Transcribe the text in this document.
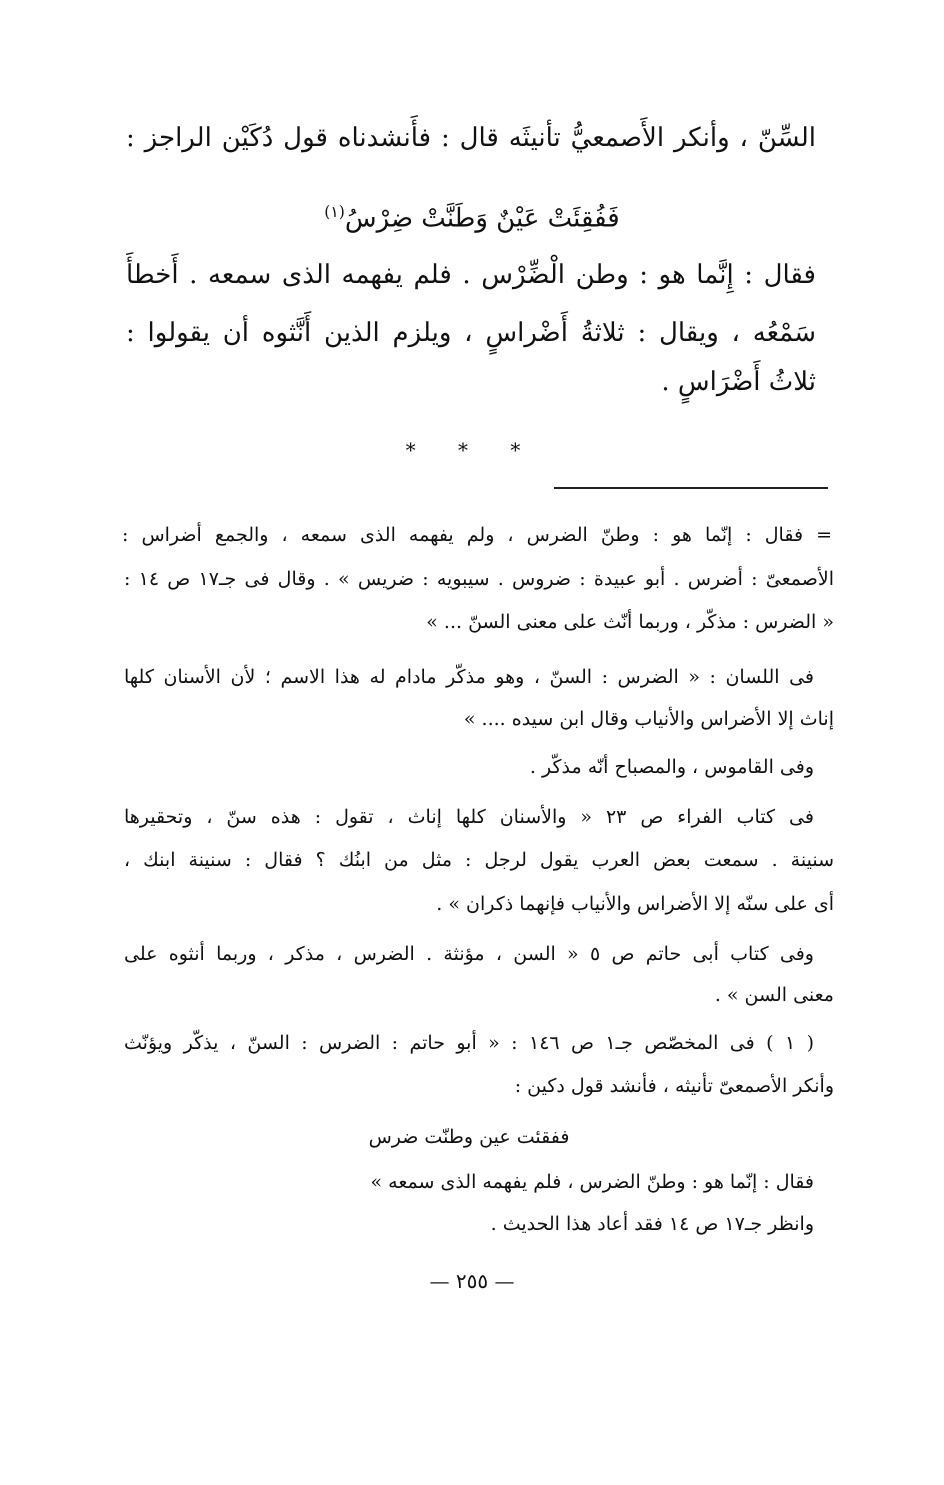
السِّنّ ، وأنكر الأَصمعيُّ تأنيثَه قال : فأَنشدناه قول دُكَيْن الراجز :
فَفُقِئَتْ عَيْنٌ وَطَنَّتْ ضِرْسُ$^{(١)}$
فقال : إِنَّما هو : وطن الْضِّرْس . فلم يفهمه الذى سمعه . أَخطأَ
سَمْعُه ، ويقال : ثلاثةُ أَضْراسٍ ، ويلزم الذين أَنَّثوه أن يقولوا :
ثلاثُ أَضْرَاسٍ .
* * *
= فقال : إنّما هو : وطنّ الضرس ، ولم يفهمه الذى سمعه ، والجمع أضراس :
الأصمعىّ : أضرس . أبو عبيدة : ضروس . سيبويه : ضريس » . وقال فى جـ١٧ ص ١٤ :
« الضرس : مذكّر ، وربما أنّث على معنى السنّ ... »
فى اللسان : « الضرس : السنّ ، وهو مذكّر مادام له هذا الاسم ؛ لأن الأسنان كلها
إناث إلا الأضراس والأنياب وقال ابن سيده .... »
وفى القاموس ، والمصباح أنّه مذكّر .
فى كتاب الفراء ص ٢٣ « والأسنان كلها إناث ، تقول : هذه سنّ ، وتحقيرها
سنينة . سمعت بعض العرب يقول لرجل : مثل من ابنُك ؟ فقال : سنينة ابنك ،
أى على سنّه إلا الأضراس والأنياب فإنهما ذكران » .
وفى كتاب أبى حاتم ص ٥ « السن ، مؤنثة . الضرس ، مذكر ، وربما أنثوه على
معنى السن » .
( ١ ) فى المخصّص جـ١ ص ١٤٦ : « أبو حاتم : الضرس : السنّ ، يذكّر ويؤنّث
وأنكر الأصمعىّ تأنيثه ، فأنشد قول دكين :
ففقئت عين وطنّت ضرس
فقال : إنّما هو : وطنّ الضرس ، فلم يفهمه الذى سمعه »
وانظر جـ١٧ ص ١٤ فقد أعاد هذا الحديث .
— ٢٥٥ —
